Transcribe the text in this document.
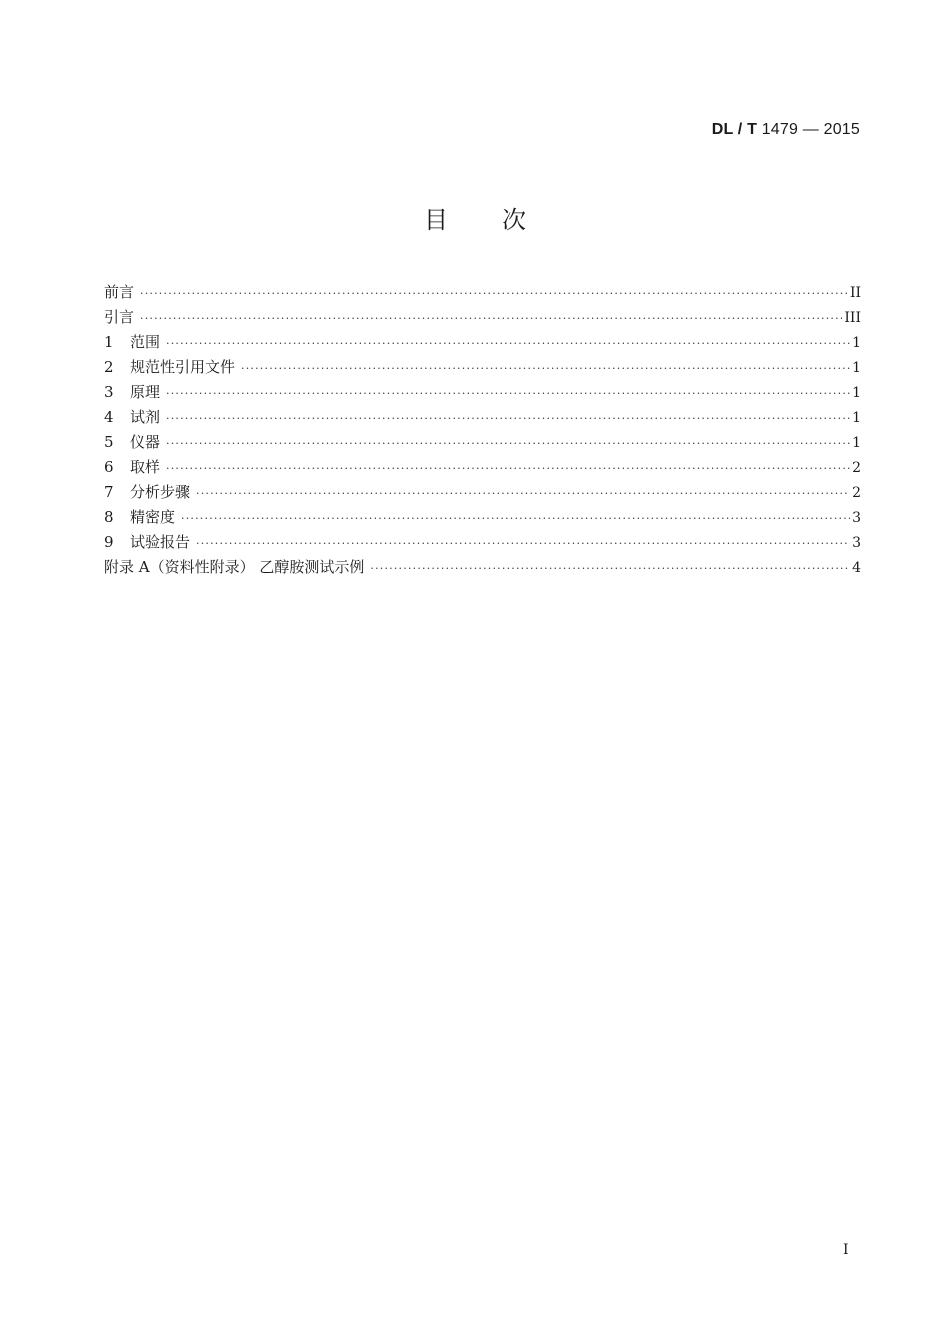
DL / T 1479 — 2015
目次
前言 ·····	II
引言 ·····	III
1	范围 ·····	1
2	规范性引用文件 ·····	1
3	原理 ·····	1
4	试剂 ·····	1
5	仪器 ·····	1
6	取样 ·····	2
7	分析步骤 ·····	2
8	精密度 ·····	3
9	试验报告 ·····	3
附录 A（资料性附录） 乙醇胺测试示例 ·····	4
I
